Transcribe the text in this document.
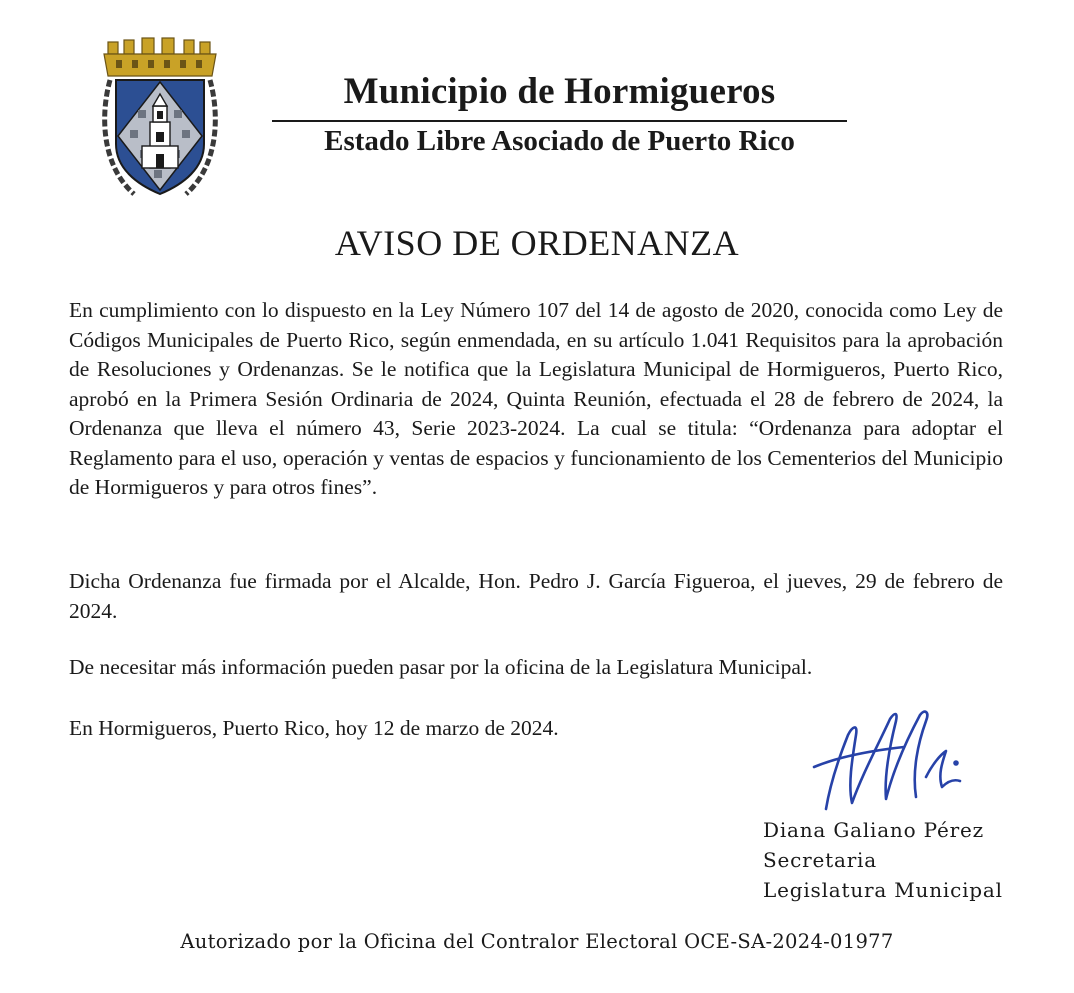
Municipio de Hormigueros
Estado Libre Asociado de Puerto Rico
AVISO DE ORDENANZA

En cumplimiento con lo dispuesto en la Ley Número 107 del 14 de agosto de 2020, conocida como Ley de Códigos Municipales de Puerto Rico, según enmendada, en su artículo 1.041 Requisitos para la aprobación de Resoluciones y Ordenanzas. Se le notifica que la Legislatura Municipal de Hormigueros, Puerto Rico, aprobó en la Primera Sesión Ordinaria de 2024, Quinta Reunión, efectuada el 28 de febrero de 2024, la Ordenanza que lleva el número 43, Serie 2023-2024. La cual se titula: “Ordenanza para adoptar el Reglamento para el uso, operación y ventas de espacios y funcionamiento de los Cementerios del Municipio de Hormigueros y para otros fines”.

Dicha Ordenanza fue firmada por el Alcalde, Hon. Pedro J. García Figueroa, el jueves, 29 de febrero de 2024.

De necesitar más información pueden pasar por la oficina de la Legislatura Municipal.

En Hormigueros, Puerto Rico, hoy 12 de marzo de 2024.

Diana Galiano Pérez
Secretaria
Legislatura Municipal
Autorizado por la Oficina del Contralor Electoral OCE-SA-2024-01977
